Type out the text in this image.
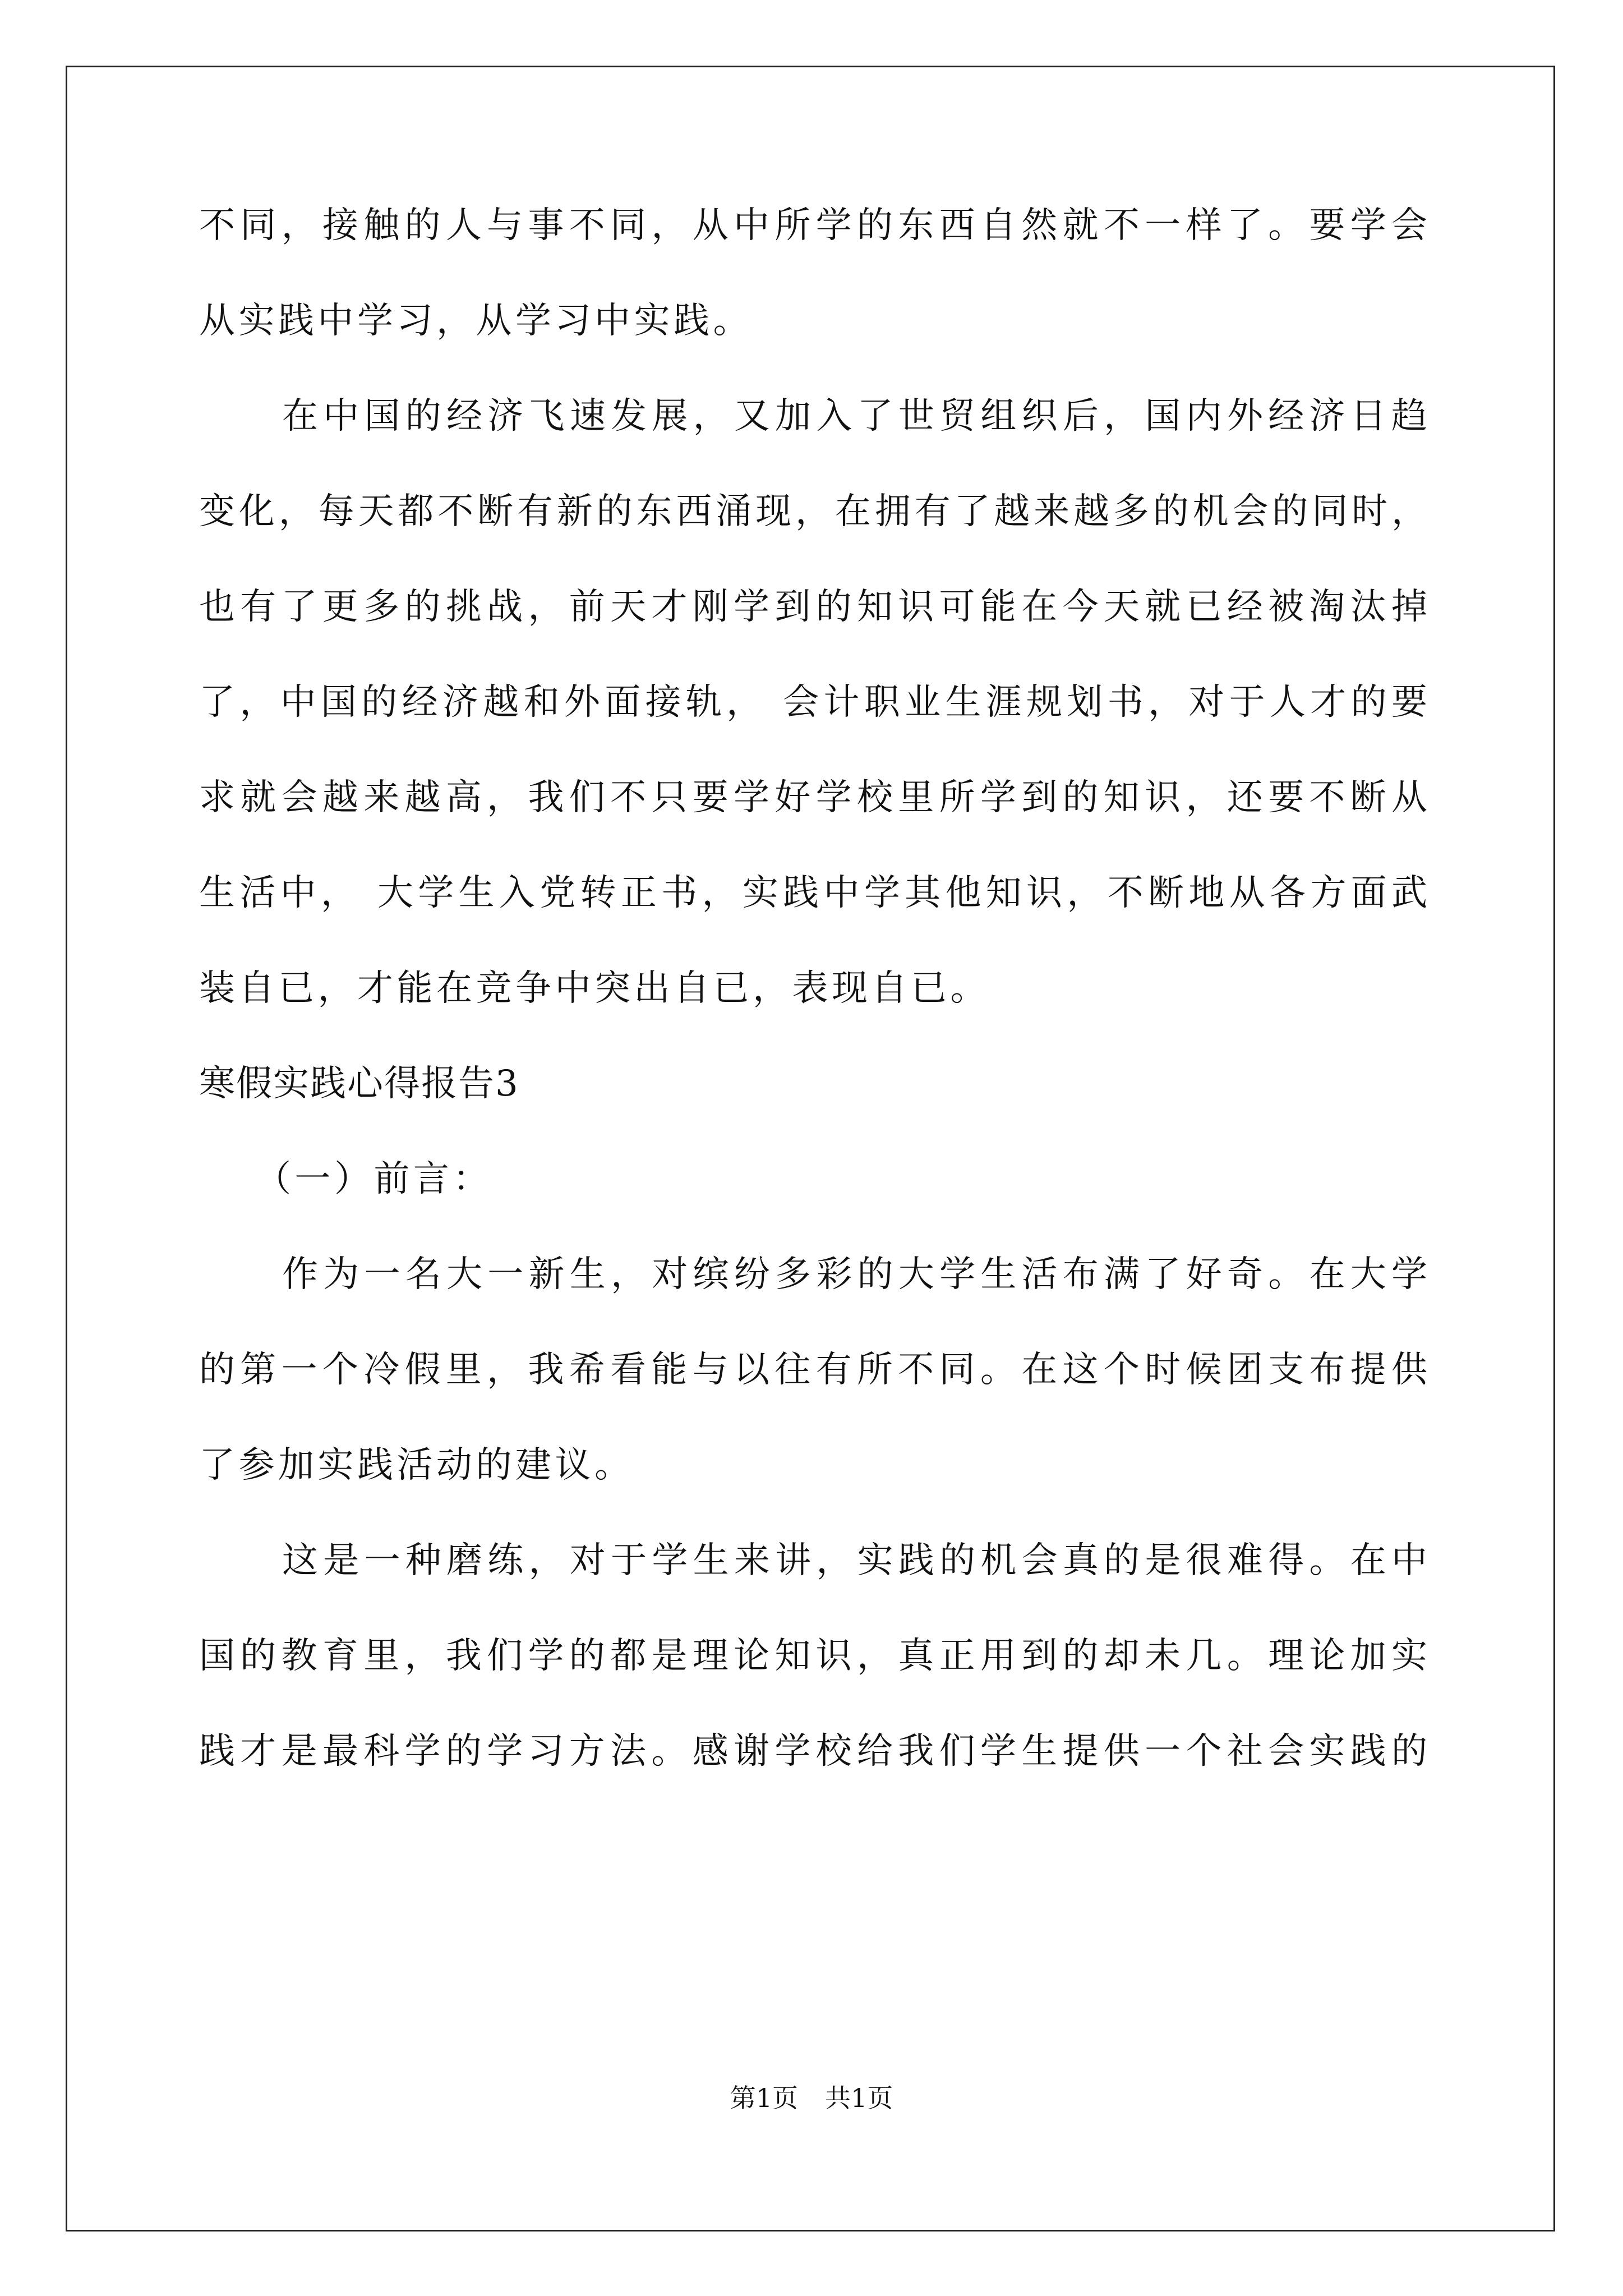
不同，接触的人与事不同，从中所学的东西自然就不一样了。要学会
从实践中学习，从学习中实践。
在中国的经济飞速发展，又加入了世贸组织后，国内外经济日趋
变化，每天都不断有新的东西涌现，在拥有了越来越多的机会的同时，
也有了更多的挑战，前天才刚学到的知识可能在今天就已经被淘汰掉
了，中国的经济越和外面接轨， 会计职业生涯规划书，对于人才的要
求就会越来越高，我们不只要学好学校里所学到的知识，还要不断从
生活中， 大学生入党转正书，实践中学其他知识，不断地从各方面武
装自已，才能在竞争中突出自已，表现自已。
寒假实践心得报告3
（一）前言：
作为一名大一新生，对缤纷多彩的大学生活布满了好奇。在大学
的第一个冷假里，我希看能与以往有所不同。在这个时候团支布提供
了参加实践活动的建议。
这是一种磨练，对于学生来讲，实践的机会真的是很难得。在中
国的教育里，我们学的都是理论知识，真正用到的却未几。理论加实
践才是最科学的学习方法。感谢学校给我们学生提供一个社会实践的
第1页 共1页
